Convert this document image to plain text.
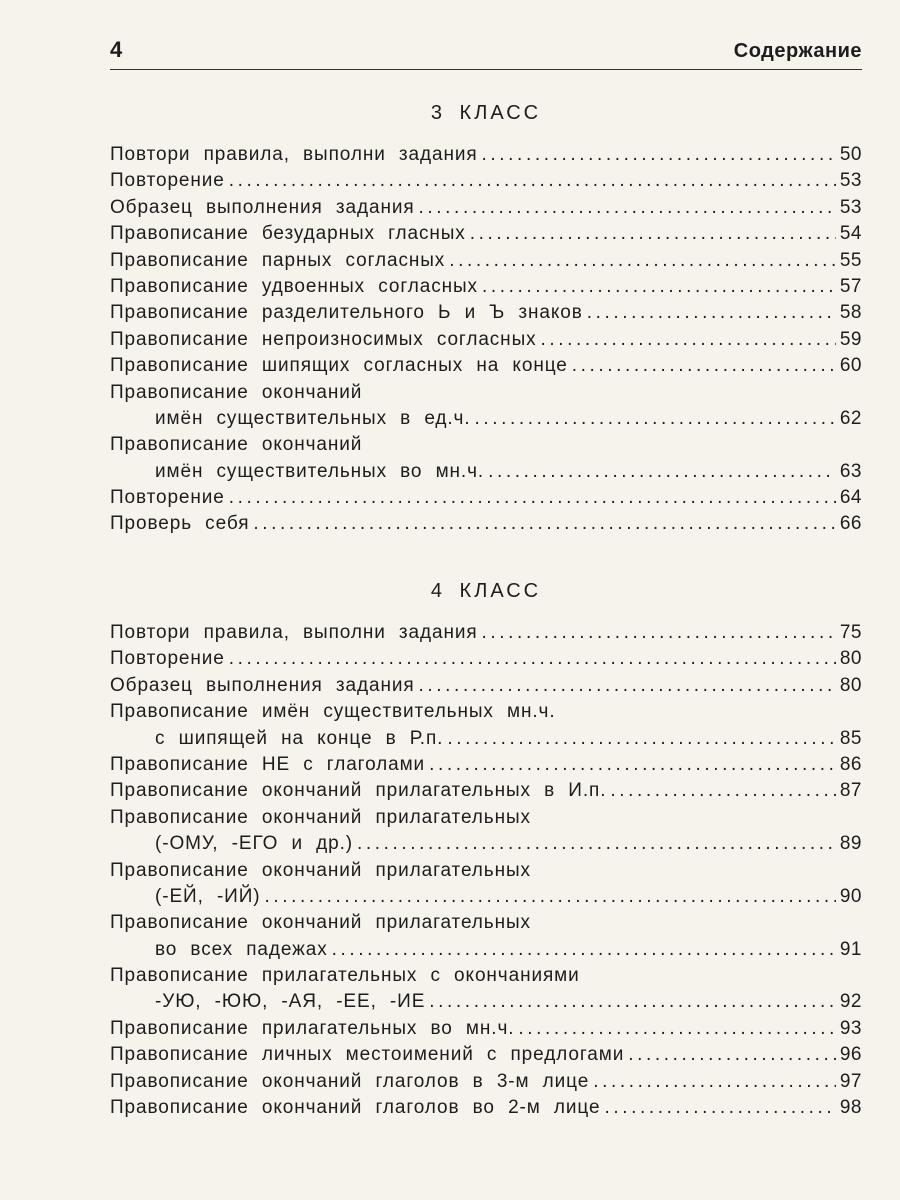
4	Содержание
3 КЛАСС
Повтори правила, выполни задания .....	50
Повторение .....	53
Образец выполнения задания .....	53
Правописание безударных гласных .....	54
Правописание парных согласных .....	55
Правописание удвоенных согласных .....	57
Правописание разделительного Ь и Ъ знаков .....	58
Правописание непроизносимых согласных .....	59
Правописание шипящих согласных на конце .....	60
Правописание окончаний
имён существительных в ед.ч. .....	62
Правописание окончаний
имён существительных во мн.ч. .....	63
Повторение .....	64
Проверь себя .....	66
4 КЛАСС
Повтори правила, выполни задания .....	75
Повторение .....	80
Образец выполнения задания .....	80
Правописание имён существительных мн.ч.
с шипящей на конце в Р.п. .....	85
Правописание НЕ с глаголами .....	86
Правописание окончаний прилагательных в И.п. .....	87
Правописание окончаний прилагательных
(-ОМУ, -ЕГО и др.) .....	89
Правописание окончаний прилагательных
(-ЕЙ, -ИЙ) .....	90
Правописание окончаний прилагательных
во всех падежах .....	91
Правописание прилагательных с окончаниями
-УЮ, -ЮЮ, -АЯ, -ЕЕ, -ИЕ .....	92
Правописание прилагательных во мн.ч. .....	93
Правописание личных местоимений с предлогами .....	96
Правописание окончаний глаголов в 3-м лице .....	97
Правописание окончаний глаголов во 2-м лице .....	98
